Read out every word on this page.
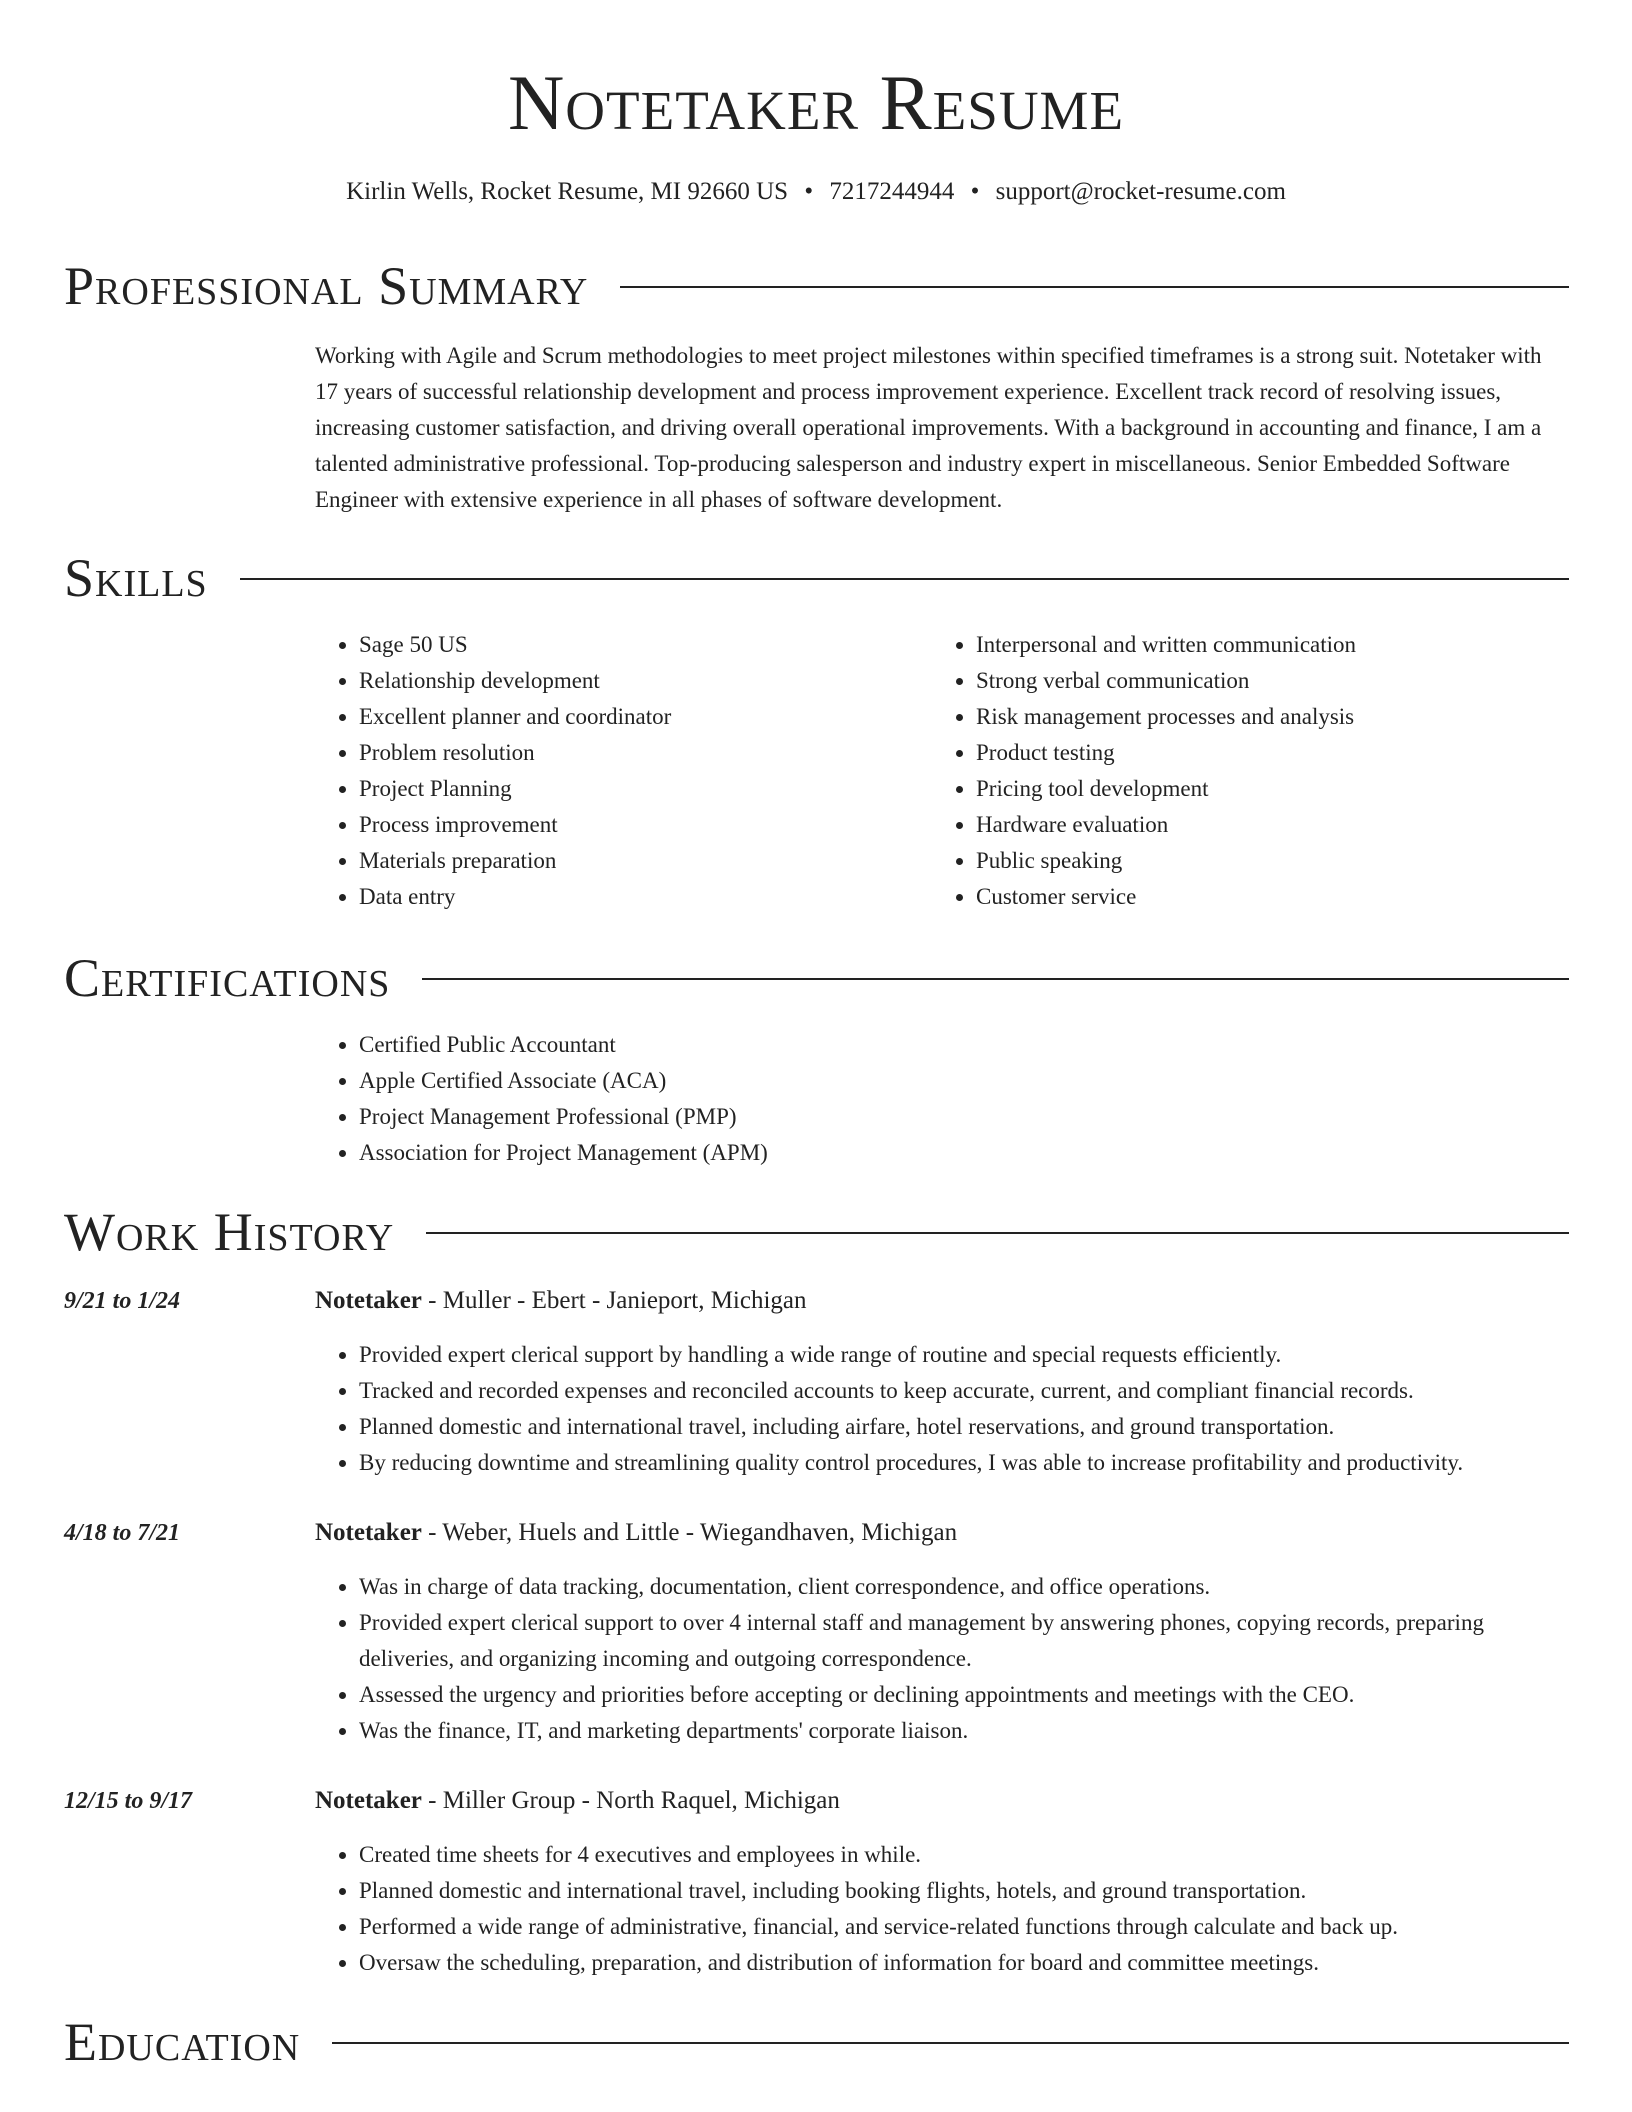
Notetaker Resume
Kirlin Wells, Rocket Resume, MI 92660 US • 7217244944 • support@rocket-resume.com
Professional Summary

Working with Agile and Scrum methodologies to meet project milestones within specified timeframes is a strong suit. Notetaker with 17 years of successful relationship development and process improvement experience. Excellent track record of resolving issues, increasing customer satisfaction, and driving overall operational improvements. With a background in accounting and finance, I am a talented administrative professional. Top-producing salesperson and industry expert in miscellaneous. Senior Embedded Software Engineer with extensive experience in all phases of software development.

Skills
• Sage 50 US
• Relationship development
• Excellent planner and coordinator
• Problem resolution
• Project Planning
• Process improvement
• Materials preparation
• Data entry
• Interpersonal and written communication
• Strong verbal communication
• Risk management processes and analysis
• Product testing
• Pricing tool development
• Hardware evaluation
• Public speaking
• Customer service
Certifications
• Certified Public Accountant
• Apple Certified Associate (ACA)
• Project Management Professional (PMP)
• Association for Project Management (APM)
Work History
9/21 to 1/24	Notetaker - Muller - Ebert - Janieport, Michigan
• Provided expert clerical support by handling a wide range of routine and special requests efficiently.
• Tracked and recorded expenses and reconciled accounts to keep accurate, current, and compliant financial records.
• Planned domestic and international travel, including airfare, hotel reservations, and ground transportation.
• By reducing downtime and streamlining quality control procedures, I was able to increase profitability and productivity.
4/18 to 7/21	Notetaker - Weber, Huels and Little - Wiegandhaven, Michigan
• Was in charge of data tracking, documentation, client correspondence, and office operations.
• Provided expert clerical support to over 4 internal staff and management by answering phones, copying records, preparing deliveries, and organizing incoming and outgoing correspondence.
• Assessed the urgency and priorities before accepting or declining appointments and meetings with the CEO.
• Was the finance, IT, and marketing departments' corporate liaison.
12/15 to 9/17	Notetaker - Miller Group - North Raquel, Michigan
• Created time sheets for 4 executives and employees in while.
• Planned domestic and international travel, including booking flights, hotels, and ground transportation.
• Performed a wide range of administrative, financial, and service-related functions through calculate and back up.
• Oversaw the scheduling, preparation, and distribution of information for board and committee meetings.
Education
